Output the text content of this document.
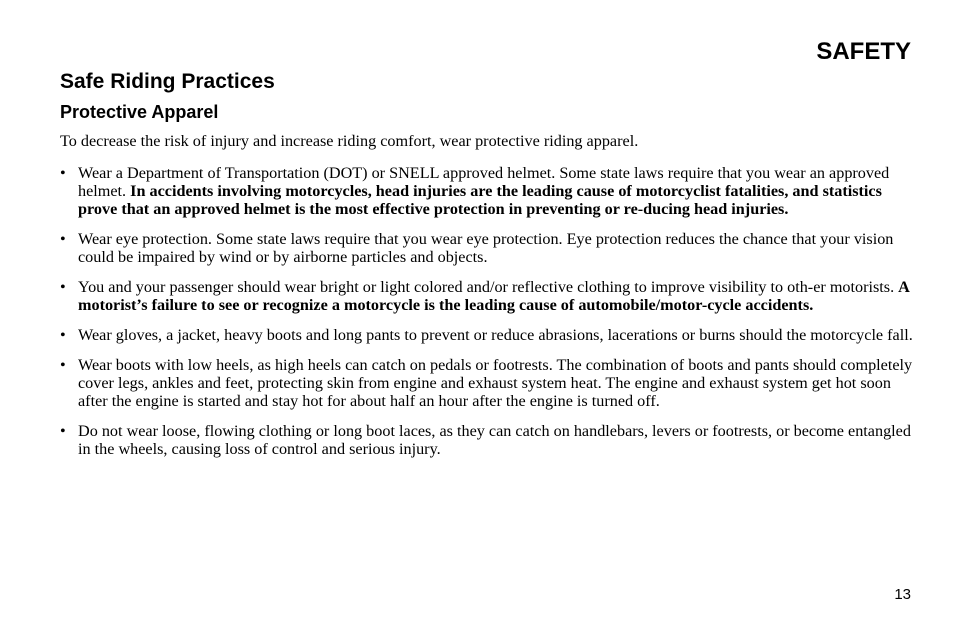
SAFETY
Safe Riding Practices
Protective Apparel

To decrease the risk of injury and increase riding comfort, wear protective riding apparel.

• Wear a Department of Transportation (DOT) or SNELL approved helmet. Some state laws require that you wear an approved helmet. In accidents involving motorcycles, head injuries are the leading cause of motorcyclist fatalities, and statistics prove that an approved helmet is the most effective protection in preventing or re-ducing head injuries.
• Wear eye protection. Some state laws require that you wear eye protection. Eye protection reduces the chance that your vision could be impaired by wind or by airborne particles and objects.
• You and your passenger should wear bright or light colored and/or reflective clothing to improve visibility to oth-er motorists. A motorist’s failure to see or recognize a motorcycle is the leading cause of automobile/motor-cycle accidents.
• Wear gloves, a jacket, heavy boots and long pants to prevent or reduce abrasions, lacerations or burns should the motorcycle fall.
• Wear boots with low heels, as high heels can catch on pedals or footrests. The combination of boots and pants should completely cover legs, ankles and feet, protecting skin from engine and exhaust system heat. The engine and exhaust system get hot soon after the engine is started and stay hot for about half an hour after the engine is turned off.
• Do not wear loose, flowing clothing or long boot laces, as they can catch on handlebars, levers or footrests, or become entangled in the wheels, causing loss of control and serious injury.
13
